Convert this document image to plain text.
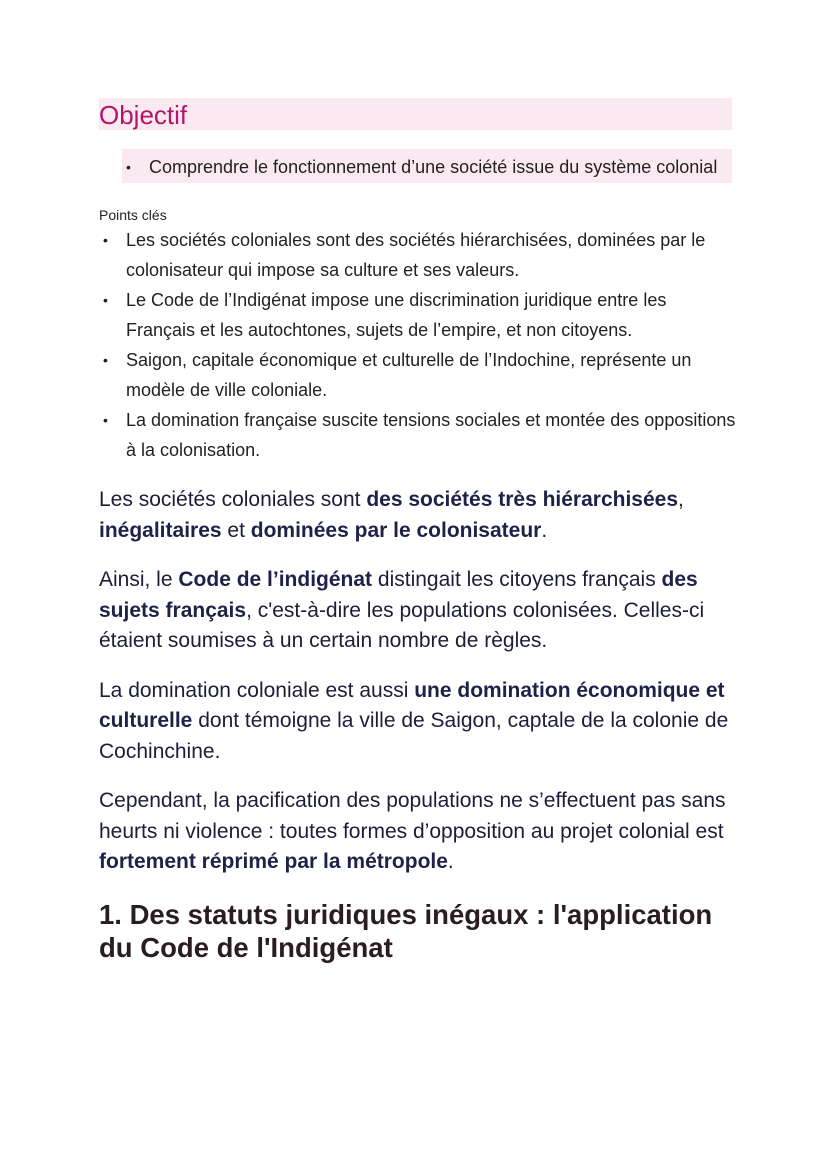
Objectif
• Comprendre le fonctionnement d’une société issue du système colonial
Points clés
• Les sociétés coloniales sont des sociétés hiérarchisées, dominées par le colonisateur qui impose sa culture et ses valeurs.
• Le Code de l’Indigénat impose une discrimination juridique entre les Français et les autochtones, sujets de l’empire, et non citoyens.
• Saigon, capitale économique et culturelle de l’Indochine, représente un modèle de ville coloniale.
• La domination française suscite tensions sociales et montée des oppositions à la colonisation.

Les sociétés coloniales sont des sociétés très hiérarchisées, inégalitaires et dominées par le colonisateur.

Ainsi, le Code de l’indigénat distingait les citoyens français des sujets français, c'est-à-dire les populations colonisées. Celles-ci étaient soumises à un certain nombre de règles.

La domination coloniale est aussi une domination économique et culturelle dont témoigne la ville de Saigon, captale de la colonie de Cochinchine.

Cependant, la pacification des populations ne s’effectuent pas sans heurts ni violence : toutes formes d’opposition au projet colonial est fortement réprimé par la métropole.

1. Des statuts juridiques inégaux : l'application du Code de l'Indigénat
